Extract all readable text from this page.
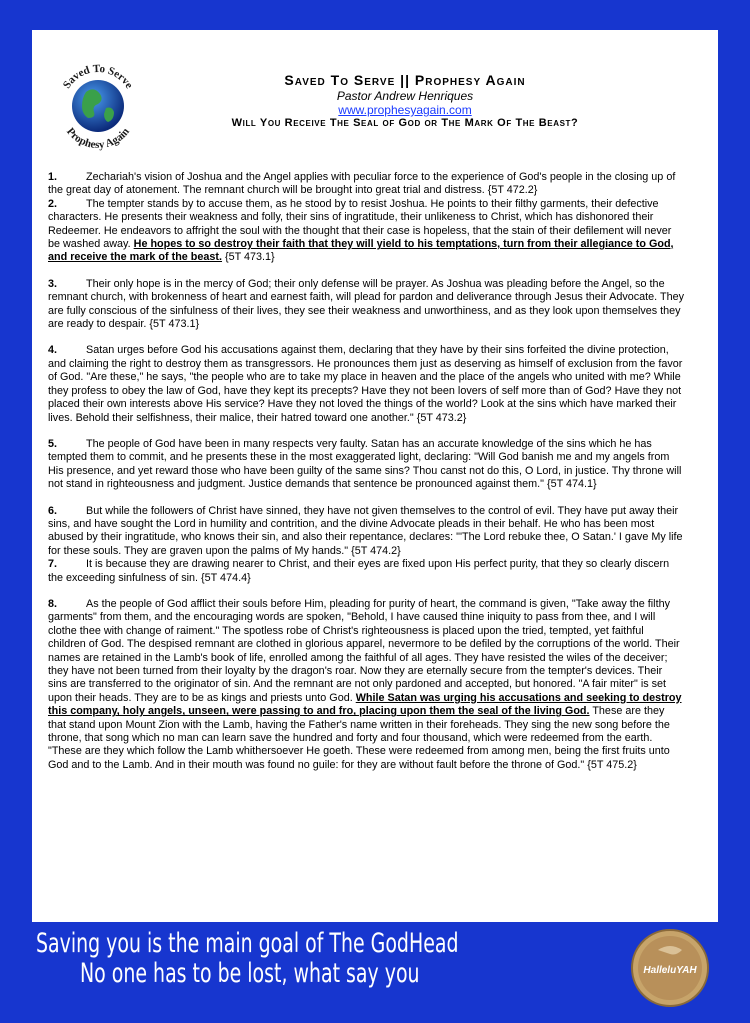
Saved To Serve
Prophesy Again
Saved To Serve || Prophesy Again
Pastor Andrew Henriques
www.prophesyagain.com
Will You Receive The Seal of God or The Mark Of The Beast?

1.	Zechariah's vision of Joshua and the Angel applies with peculiar force to the experience of God's people in the closing up of the great day of atonement. The remnant church will be brought into great trial and distress. {5T 472.2}

2.	The tempter stands by to accuse them, as he stood by to resist Joshua. He points to their filthy garments, their defective characters. He presents their weakness and folly, their sins of ingratitude, their unlikeness to Christ, which has dishonored their Redeemer. He endeavors to affright the soul with the thought that their case is hopeless, that the stain of their defilement will never be washed away. He hopes to so destroy their faith that they will yield to his temptations, turn from their allegiance to God, and receive the mark of the beast. {5T 473.1}

3.	Their only hope is in the mercy of God; their only defense will be prayer. As Joshua was pleading before the Angel, so the remnant church, with brokenness of heart and earnest faith, will plead for pardon and deliverance through Jesus their Advocate. They are fully conscious of the sinfulness of their lives, they see their weakness and unworthiness, and as they look upon themselves they are ready to despair. {5T 473.1}

4.	Satan urges before God his accusations against them, declaring that they have by their sins forfeited the divine protection, and claiming the right to destroy them as transgressors. He pronounces them just as deserving as himself of exclusion from the favor of God. "Are these," he says, "the people who are to take my place in heaven and the place of the angels who united with me? While they profess to obey the law of God, have they kept its precepts? Have they not been lovers of self more than of God? Have they not placed their own interests above His service? Have they not loved the things of the world? Look at the sins which have marked their lives. Behold their selfishness, their malice, their hatred toward one another." {5T 473.2}

5.	The people of God have been in many respects very faulty. Satan has an accurate knowledge of the sins which he has tempted them to commit, and he presents these in the most exaggerated light, declaring: "Will God banish me and my angels from His presence, and yet reward those who have been guilty of the same sins? Thou canst not do this, O Lord, in justice. Thy throne will not stand in righteousness and judgment. Justice demands that sentence be pronounced against them." {5T 474.1}

6.	But while the followers of Christ have sinned, they have not given themselves to the control of evil. They have put away their sins, and have sought the Lord in humility and contrition, and the divine Advocate pleads in their behalf. He who has been most abused by their ingratitude, who knows their sin, and also their repentance, declares: "'The Lord rebuke thee, O Satan.' I gave My life for these souls. They are graven upon the palms of My hands." {5T 474.2}

7.	It is because they are drawing nearer to Christ, and their eyes are fixed upon His perfect purity, that they so clearly discern the exceeding sinfulness of sin. {5T 474.4}

8.	As the people of God afflict their souls before Him, pleading for purity of heart, the command is given, "Take away the filthy garments" from them, and the encouraging words are spoken, "Behold, I have caused thine iniquity to pass from thee, and I will clothe thee with change of raiment." The spotless robe of Christ's righteousness is placed upon the tried, tempted, yet faithful children of God. The despised remnant are clothed in glorious apparel, nevermore to be defiled by the corruptions of the world. Their names are retained in the Lamb's book of life, enrolled among the faithful of all ages. They have resisted the wiles of the deceiver; they have not been turned from their loyalty by the dragon's roar. Now they are eternally secure from the tempter's devices. Their sins are transferred to the originator of sin. And the remnant are not only pardoned and accepted, but honored. "A fair miter" is set upon their heads. They are to be as kings and priests unto God. While Satan was urging his accusations and seeking to destroy this company, holy angels, unseen, were passing to and fro, placing upon them the seal of the living God. These are they that stand upon Mount Zion with the Lamb, having the Father's name written in their foreheads. They sing the new song before the throne, that song which no man can learn save the hundred and forty and four thousand, which were redeemed from the earth. "These are they which follow the Lamb whithersoever He goeth. These were redeemed from among men, being the first fruits unto God and to the Lamb. And in their mouth was found no guile: for they are without fault before the throne of God." {5T 475.2}

Saving you is the main goal of The GodHead
No one has to be lost, what say you	HalleluYAH
